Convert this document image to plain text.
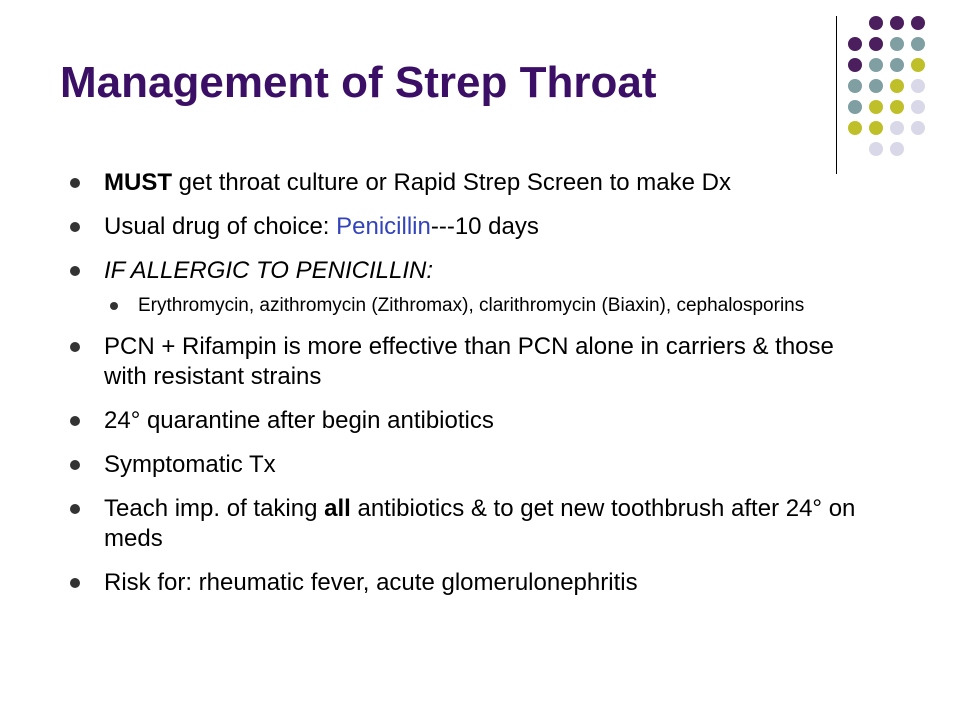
Management of Strep Throat
MUST get throat culture or Rapid Strep Screen to make Dx
Usual drug of choice: Penicillin---10 days
IF ALLERGIC TO PENICILLIN:
Erythromycin, azithromycin (Zithromax), clarithromycin (Biaxin), cephalosporins
PCN + Rifampin is more effective than PCN alone in carriers & those with resistant strains
24° quarantine after begin antibiotics
Symptomatic Tx
Teach imp. of taking all antibiotics & to get new toothbrush after 24° on meds
Risk for: rheumatic fever, acute glomerulonephritis
